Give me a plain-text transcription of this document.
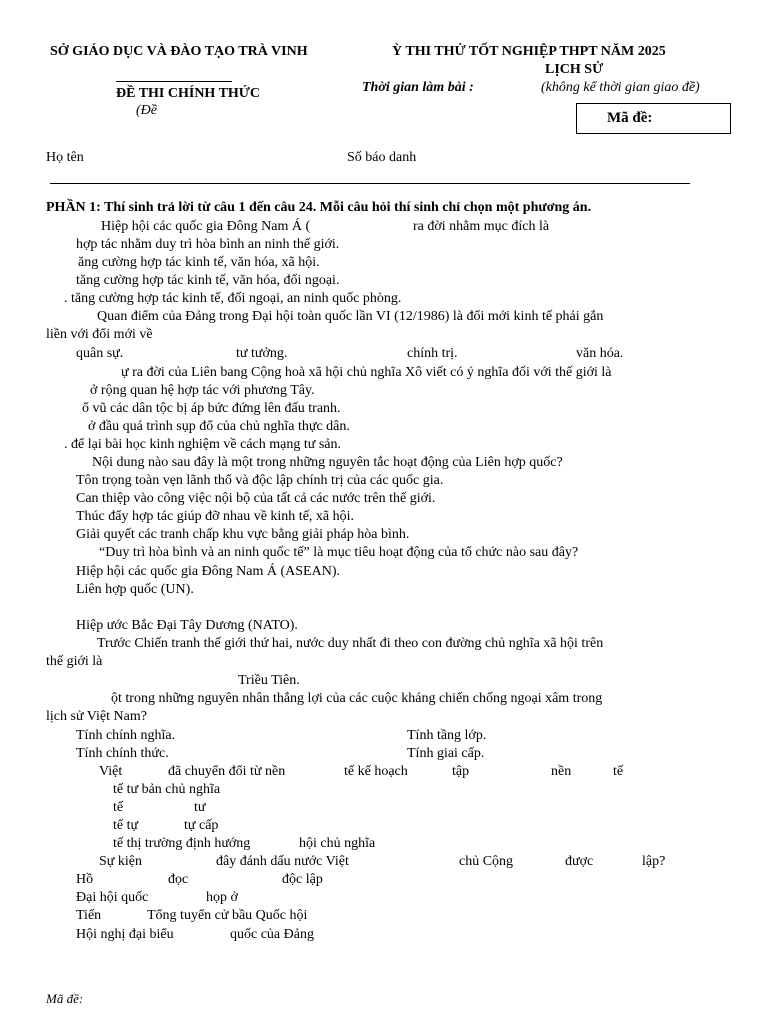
SỞ GIÁO DỤC VÀ ĐÀO TẠO TRÀ VINH	Ỳ THI THỬ TỐT NGHIỆP THPT NĂM 2025
LỊCH SỬ
ĐỀ THI CHÍNH THỨC
(Đề
Thời gian làm bài :	(không kể thời gian giao đề)
Mã đề:
Họ tên	Số báo danh
PHẦN 1: Thí sinh trả lời từ câu 1 đến câu 24. Mỗi câu hỏi thí sinh chỉ chọn một phương án.
Hiệp hội các quốc gia Đông Nam Á (	ra đời nhằm mục đích là
hợp tác nhằm duy trì hòa bình an ninh thế giới.
ăng cường hợp tác kinh tế, văn hóa, xã hội.
tăng cường hợp tác kinh tế, văn hóa, đối ngoại.
. tăng cường hợp tác kinh tế, đối ngoại, an ninh quốc phòng.
Quan điểm của Đảng trong Đại hội toàn quốc lần VI (12/1986) là đổi mới kinh tế phải gắn
liền với đổi mới về
quân sự.	tư tưởng.	chính trị.	văn hóa.
ự ra đời của Liên bang Cộng hoà xã hội chủ nghĩa Xô viết có ý nghĩa đối với thế giới là
ở rộng quan hệ hợp tác với phương Tây.
ổ vũ các dân tộc bị áp bức đứng lên đấu tranh.
ở đầu quá trình sụp đổ của chủ nghĩa thực dân.
. để lại bài học kinh nghiệm về cách mạng tư sản.
Nội dung nào sau đây là một trong những nguyên tắc hoạt động của Liên hợp quốc?
Tôn trọng toàn vẹn lãnh thổ và độc lập chính trị của các quốc gia.
Can thiệp vào công việc nội bộ của tất cả các nước trên thế giới.
Thúc đẩy hợp tác giúp đỡ nhau về kinh tế, xã hội.
Giải quyết các tranh chấp khu vực bằng giải pháp hòa bình.
“Duy trì hòa bình và an ninh quốc tế” là mục tiêu hoạt động của tổ chức nào sau đây?
Hiệp hội các quốc gia Đông Nam Á (ASEAN).
Liên hợp quốc (UN).
Hiệp ước Bắc Đại Tây Dương (NATO).
Trước Chiến tranh thế giới thứ hai, nước duy nhất đi theo con đường chủ nghĩa xã hội trên
thế giới là
Triều Tiên.
ột trong những nguyên nhân thắng lợi của các cuộc kháng chiến chống ngoại xâm trong
lịch sử Việt Nam?
Tính chính nghĩa.	Tính tầng lớp.
Tính chính thức.	Tính giai cấp.
Việt	đã chuyển đổi từ nền	tế kế hoạch	tập	nền	tế
tế tư bản chủ nghĩa
tế	tư
tế tự	tự cấp
tế thị trường định hướng	hội chủ nghĩa
Sự kiện	đây đánh dấu nước Việt	chủ Cộng	được	lập?
Hồ	đọc	độc lập
Đại hội quốc	họp ở
Tiến	Tổng tuyển cử bầu Quốc hội
Hội nghị đại biểu	quốc của Đảng
Mã đề:
